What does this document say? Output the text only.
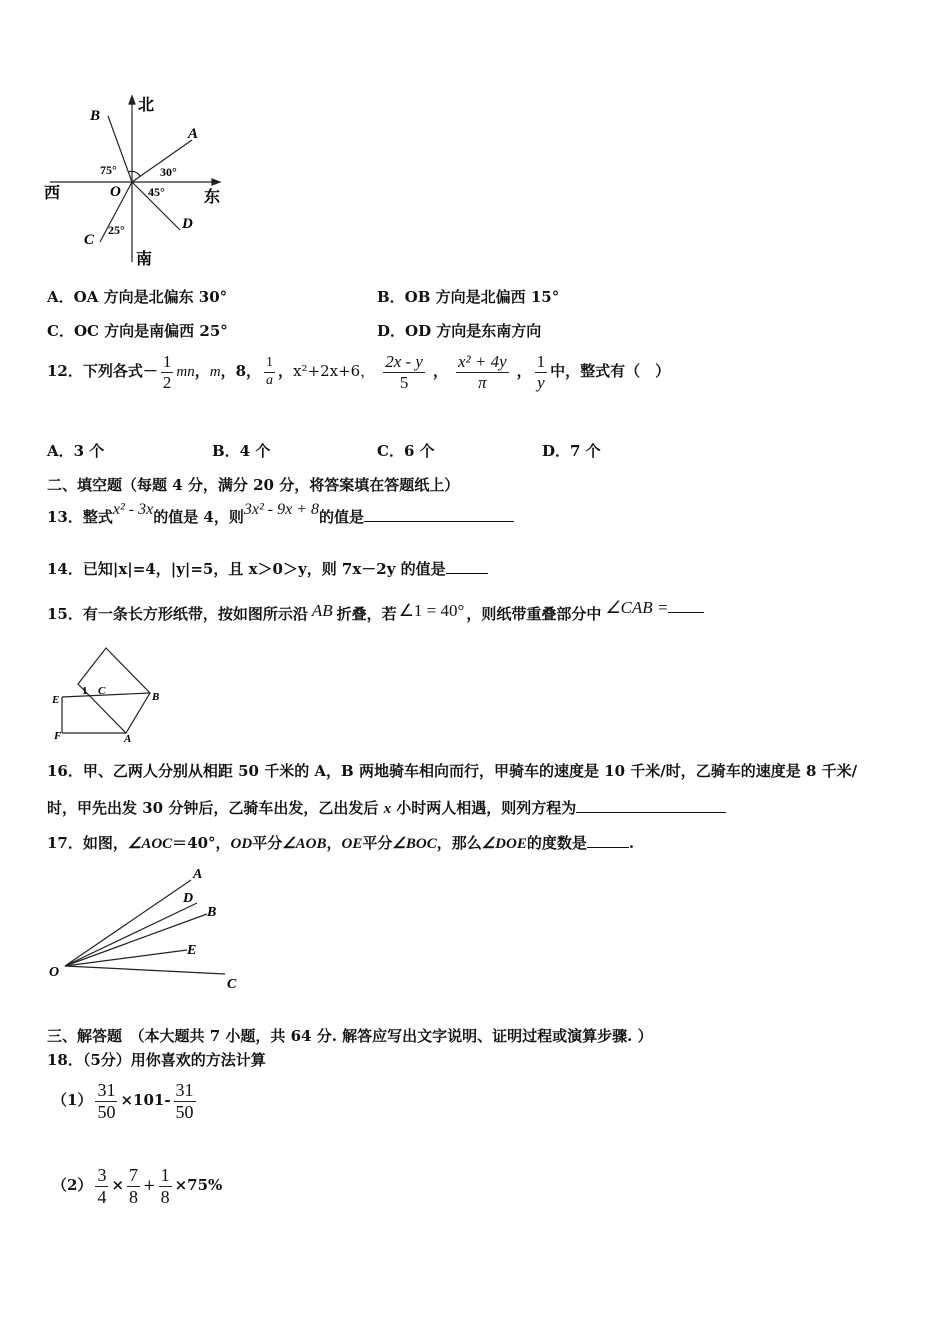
北
南
东
西
A
B
C
D
O
75°	30°
45°
25°
A．OA 方向是北偏东 30°	B．OB 方向是北偏西 15°
C．OC 方向是南偏西 25°	D．OD 方向是东南方向
12．下列各式－ $\frac{1}{2}$ mn，m，8， $\frac{1}{a}$ ，x²+2x+6， $\frac{2x - y}{5}$ ， $\frac{\text{x² + 4y}}{\pi}$ ， $\frac{1}{y}$ 中，整式有（　）
A．3 个	B．4 个	C．6 个	D．7 个
二、填空题（每题 4 分，满分 20 分，将答案填在答题纸上）
13．整式x² - 3x的值是 4，则3x² - 9x + 8的值是
14．已知|x|=4，|y|=5，且 x＞0＞y，则 7x－2y 的值是
15．有一条长方形纸带，按如图所示沿 AB 折叠，若 ∠1 = 40° ，则纸带重叠部分中 ∠CAB =
E
F
1 C	B
A
16．甲、乙两人分别从相距 50 千米的 A，B 两地骑车相向而行，甲骑车的速度是 10 千米/时，乙骑车的速度是 8 千米/
时，甲先出发 30 分钟后，乙骑车出发，乙出发后 x 小时两人相遇，则列方程为
17．如图，∠AOC＝40°，OD平分∠AOB，OE平分∠BOC，那么∠DOE的度数是	.
O
A
D
B
E
C
三、解答题　（本大题共 7 小题，共 64 分. 解答应写出文字说明、证明过程或演算步骤. ）
18．（5分）用你喜欢的方法计算
$(1) \frac{31}{50} \times 101- \frac{31}{50}$
$(2) \frac{3}{4} \times \frac{7}{8} + \frac{1}{8} \times 75\%$
